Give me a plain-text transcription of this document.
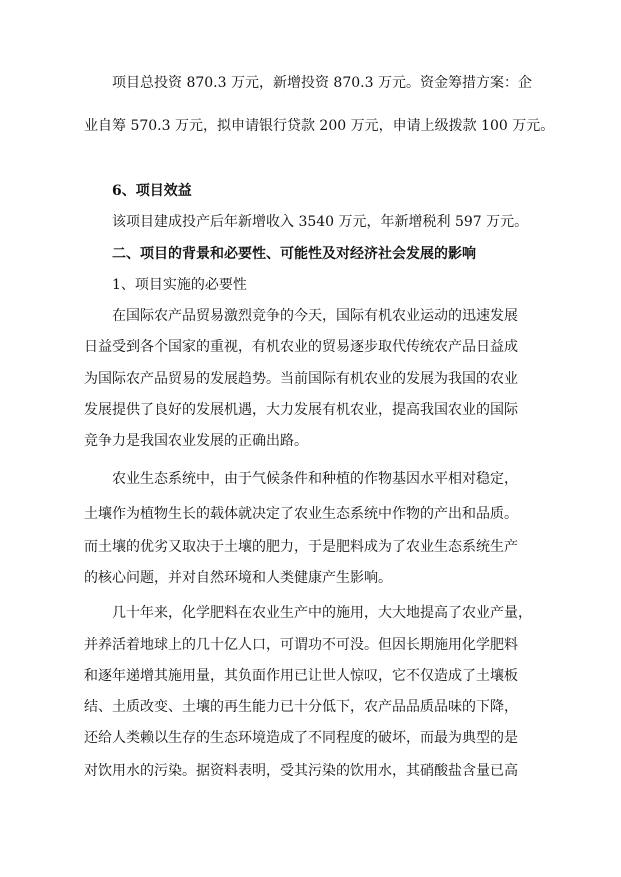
项目总投资 870.3 万元，新增投资 870.3 万元。资金筹措方案：企
业自筹 570.3 万元，拟申请银行贷款 200 万元，申请上级拨款 100 万元。
6、项目效益
该项目建成投产后年新增收入 3540 万元，年新增税利 597 万元。
二、项目的背景和必要性、可能性及对经济社会发展的影响
1、项目实施的必要性
在国际农产品贸易激烈竞争的今天，国际有机农业运动的迅速发展
日益受到各个国家的重视，有机农业的贸易逐步取代传统农产品日益成
为国际农产品贸易的发展趋势。当前国际有机农业的发展为我国的农业
发展提供了良好的发展机遇，大力发展有机农业，提高我国农业的国际
竞争力是我国农业发展的正确出路。
农业生态系统中，由于气候条件和种植的作物基因水平相对稳定，
土壤作为植物生长的载体就决定了农业生态系统中作物的产出和品质。
而土壤的优劣又取决于土壤的肥力，于是肥料成为了农业生态系统生产
的核心问题，并对自然环境和人类健康产生影响。
几十年来，化学肥料在农业生产中的施用，大大地提高了农业产量，
并养活着地球上的几十亿人口，可谓功不可没。但因长期施用化学肥料
和逐年递增其施用量，其负面作用已让世人惊叹，它不仅造成了土壤板
结、土质改变、土壤的再生能力已十分低下，农产品品质品味的下降，
还给人类赖以生存的生态环境造成了不同程度的破坏，而最为典型的是
对饮用水的污染。据资料表明，受其污染的饮用水，其硝酸盐含量已高
